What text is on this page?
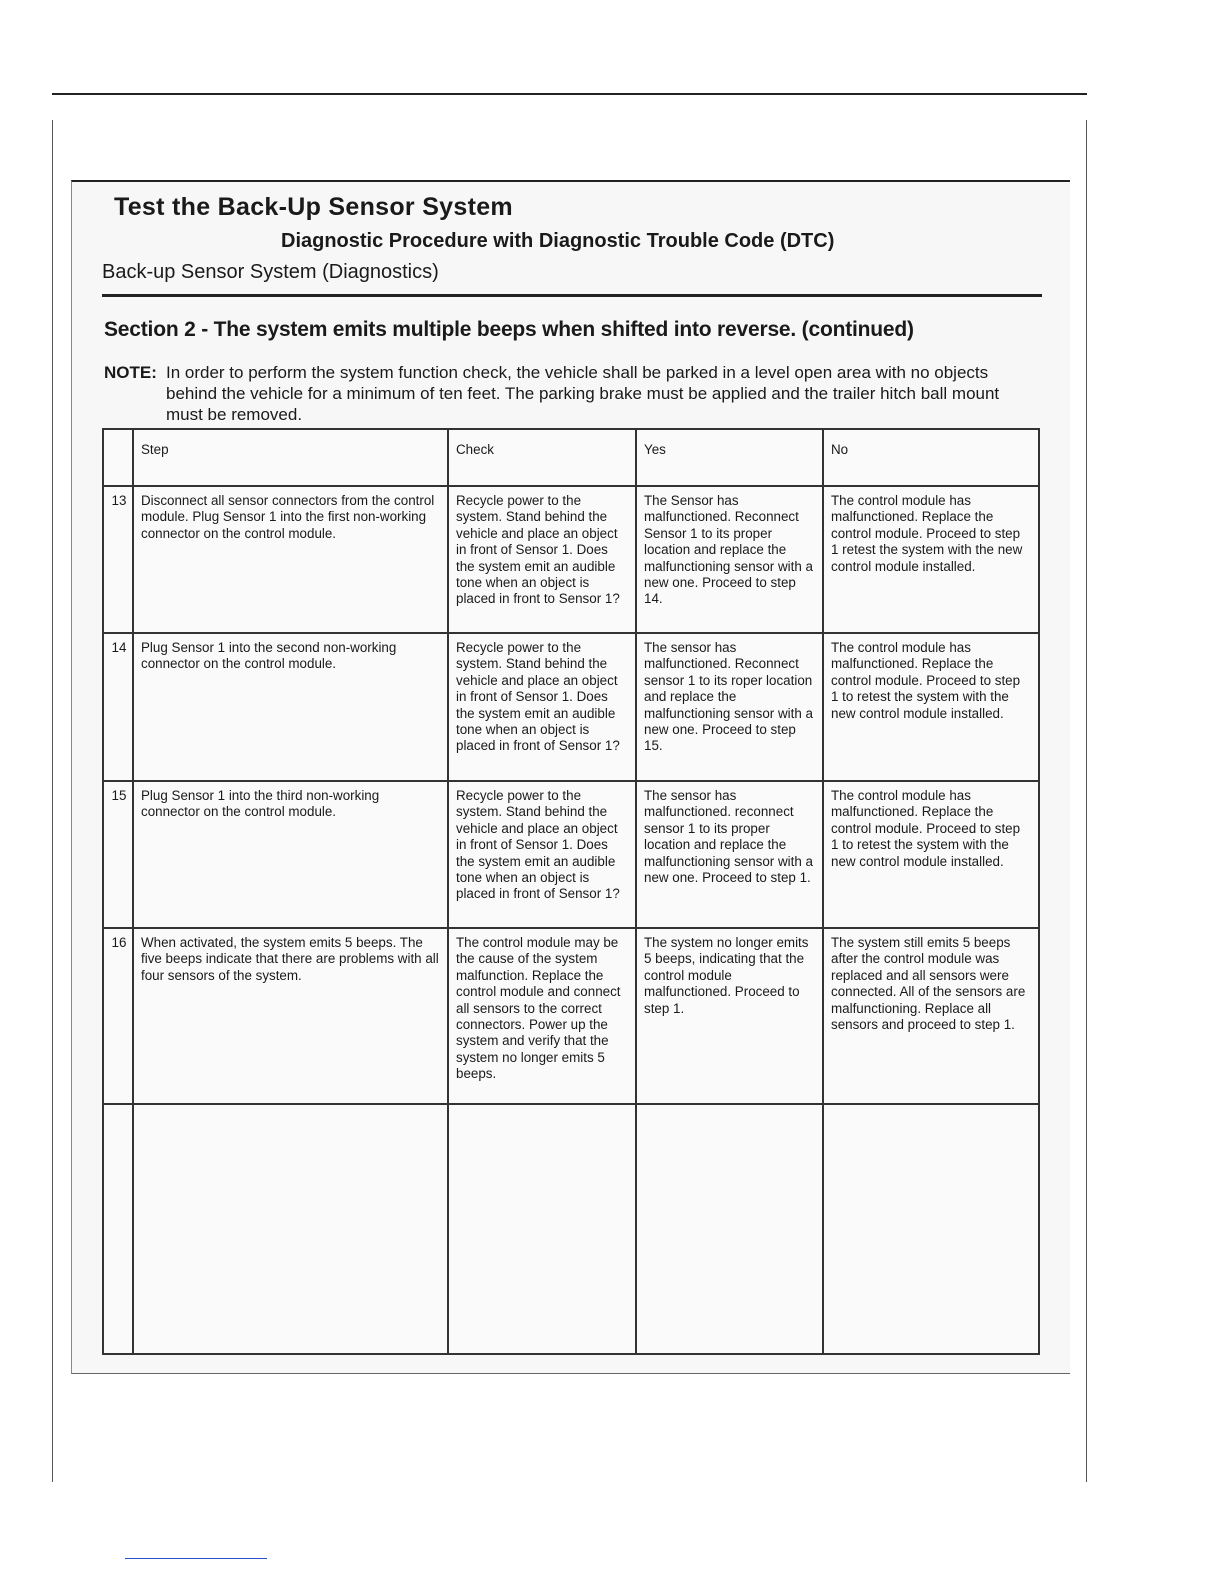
Test the Back-Up Sensor System
Diagnostic Procedure with Diagnostic Trouble Code (DTC)

Back-up Sensor System (Diagnostics)

Section 2 - The system emits multiple beeps when shifted into reverse. (continued)
NOTE: In order to perform the system function check, the vehicle shall be parked in a level open area with no objects behind the vehicle for a minimum of ten feet. The parking brake must be applied and the trailer hitch ball mount must be removed.
	Step	Check	Yes	No
13	Disconnect all sensor connectors from the control module. Plug Sensor 1 into the first non-working connector on the control module.	Recycle power to the system. Stand behind the vehicle and place an object in front of Sensor 1. Does the system emit an audible tone when an object is placed in front to Sensor 1?	The Sensor has malfunctioned. Reconnect Sensor 1 to its proper location and replace the malfunctioning sensor with a new one. Proceed to step 14.	The control module has malfunctioned. Replace the control module. Proceed to step 1 retest the system with the new control module installed.
14	Plug Sensor 1 into the second non-working connector on the control module.	Recycle power to the system. Stand behind the vehicle and place an object in front of Sensor 1. Does the system emit an audible tone when an object is placed in front of Sensor 1?	The sensor has malfunctioned. Reconnect sensor 1 to its roper location and replace the malfunctioning sensor with a new one. Proceed to step 15.	The control module has malfunctioned. Replace the control module. Proceed to step 1 to retest the system with the new control module installed.
15	Plug Sensor 1 into the third non-working connector on the control module.	Recycle power to the system. Stand behind the vehicle and place an object in front of Sensor 1. Does the system emit an audible tone when an object is placed in front of Sensor 1?	The sensor has malfunctioned. reconnect sensor 1 to its proper location and replace the malfunctioning sensor with a new one. Proceed to step 1.	The control module has malfunctioned. Replace the control module. Proceed to step 1 to retest the system with the new control module installed.
16	When activated, the system emits 5 beeps. The five beeps indicate that there are problems with all four sensors of the system.	The control module may be the cause of the system malfunction. Replace the control module and connect all sensors to the correct connectors. Power up the system and verify that the system no longer emits 5 beeps.	The system no longer emits 5 beeps, indicating that the control module malfunctioned. Proceed to step 1.	The system still emits 5 beeps after the control module was replaced and all sensors were connected. All of the sensors are malfunctioning. Replace all sensors and proceed to step 1.
